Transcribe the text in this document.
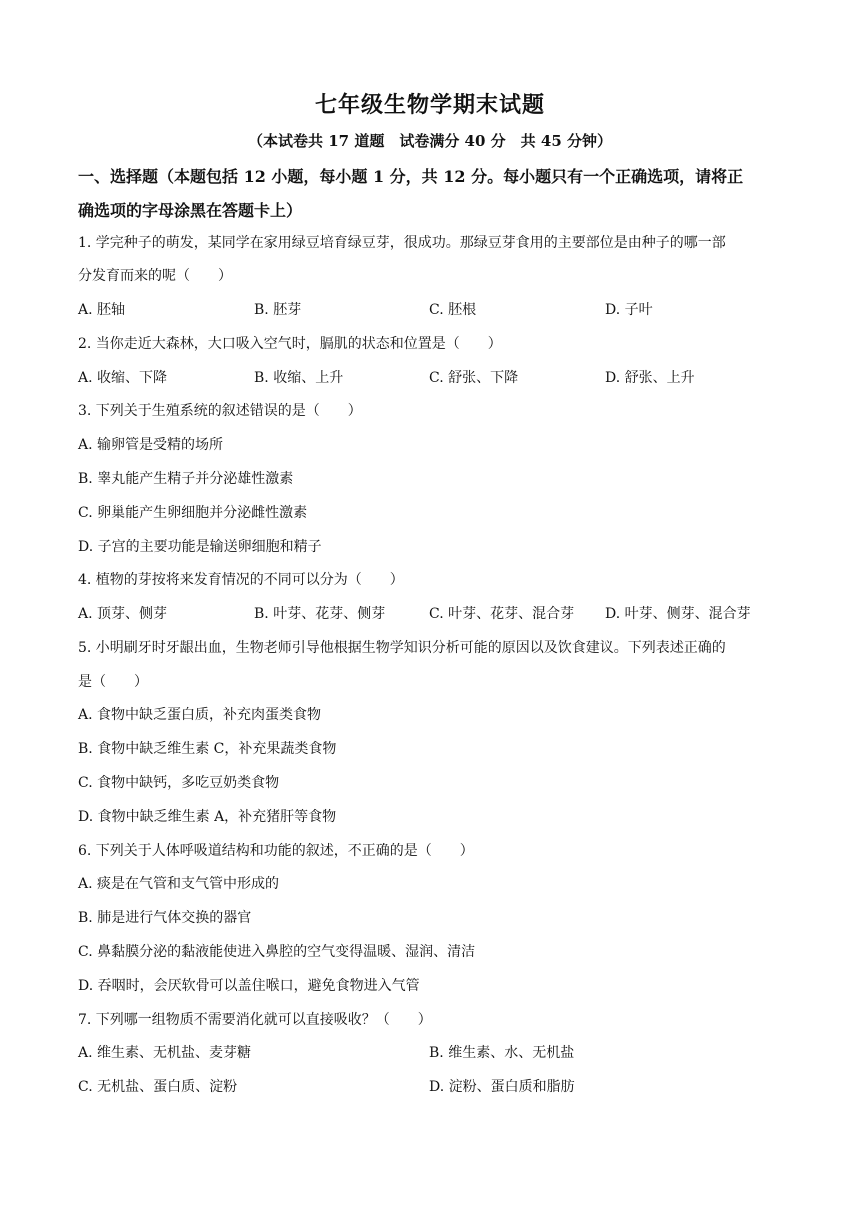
七年级生物学期末试题
（本试卷共 17 道题　试卷满分 40 分　共 45 分钟）
一、选择题（本题包括 12 小题，每小题 1 分，共 12 分。每小题只有一个正确选项，请将正
确选项的字母涂黑在答题卡上）
1. 学完种子的萌发，某同学在家用绿豆培育绿豆芽，很成功。那绿豆芽食用的主要部位是由种子的哪一部
分发育而来的呢（　　）
A. 胚轴	B. 胚芽	C. 胚根	D. 子叶
2. 当你走近大森林，大口吸入空气时，膈肌的状态和位置是（　　）
A. 收缩、下降	B. 收缩、上升	C. 舒张、下降	D. 舒张、上升
3. 下列关于生殖系统的叙述错误的是（　　）
A. 输卵管是受精的场所
B. 睾丸能产生精子并分泌雄性激素
C. 卵巢能产生卵细胞并分泌雌性激素
D. 子宫的主要功能是输送卵细胞和精子
4. 植物的芽按将来发育情况的不同可以分为（　　）
A. 顶芽、侧芽	B. 叶芽、花芽、侧芽	C. 叶芽、花芽、混合芽 D. 叶芽、侧芽、混合芽
5. 小明刷牙时牙龈出血，生物老师引导他根据生物学知识分析可能的原因以及饮食建议。下列表述正确的
是（　　）
A. 食物中缺乏蛋白质，补充肉蛋类食物
B. 食物中缺乏维生素 C，补充果蔬类食物
C. 食物中缺钙，多吃豆奶类食物
D. 食物中缺乏维生素 A，补充猪肝等食物
6. 下列关于人体呼吸道结构和功能的叙述，不正确的是（　　）
A. 痰是在气管和支气管中形成的
B. 肺是进行气体交换的器官
C. 鼻黏膜分泌的黏液能使进入鼻腔的空气变得温暖、湿润、清洁
D. 吞咽时，会厌软骨可以盖住喉口，避免食物进入气管
7. 下列哪一组物质不需要消化就可以直接吸收？（　　）
A. 维生素、无机盐、麦芽糖	B. 维生素、水、无机盐
C. 无机盐、蛋白质、淀粉	D. 淀粉、蛋白质和脂肪
